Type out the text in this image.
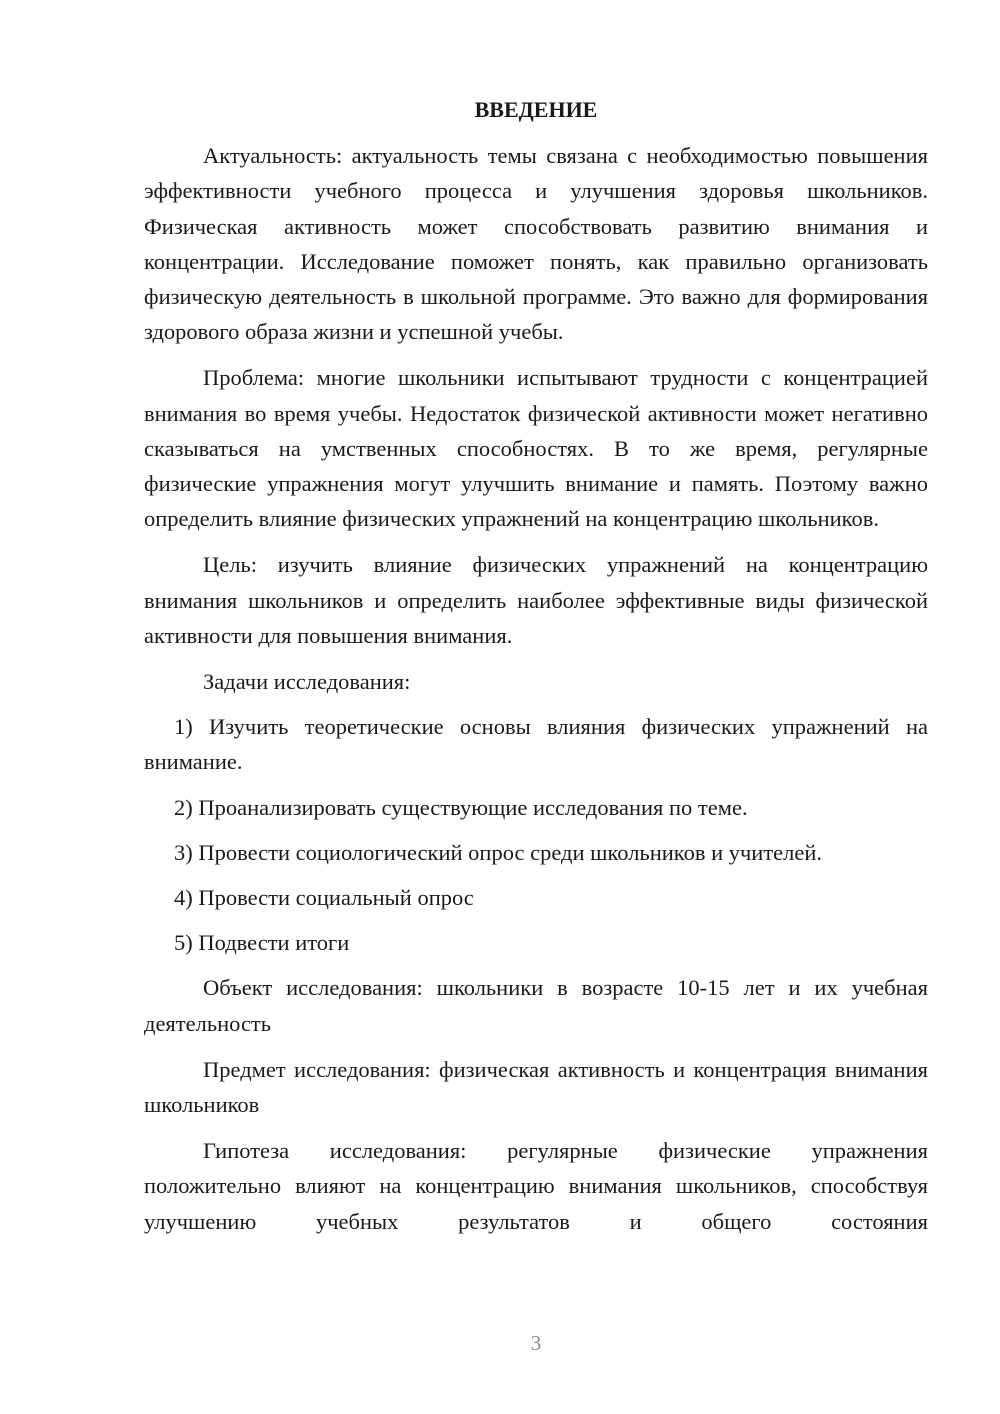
ВВЕДЕНИЕ
Актуальность: актуальность темы связана с необходимостью повышения эффективности учебного процесса и улучшения здоровья школьников. Физическая активность может способствовать развитию внимания и концентрации. Исследование поможет понять, как правильно организовать физическую деятельность в школьной программе. Это важно для формирования здорового образа жизни и успешной учебы.
Проблема: многие школьники испытывают трудности с концентрацией внимания во время учебы. Недостаток физической активности может негативно сказываться на умственных способностях. В то же время, регулярные физические упражнения могут улучшить внимание и память. Поэтому важно определить влияние физических упражнений на концентрацию школьников.
Цель: изучить влияние физических упражнений на концентрацию внимания школьников и определить наиболее эффективные виды физической активности для повышения внимания.
Задачи исследования:
1) Изучить теоретические основы влияния физических упражнений на внимание.
2) Проанализировать существующие исследования по теме.
3) Провести социологический опрос среди школьников и учителей.
4) Провести социальный опрос
5) Подвести итоги
Объект исследования: школьники в возрасте 10-15 лет и их учебная деятельность
Предмет исследования: физическая активность и концентрация внимания школьников
Гипотеза исследования: регулярные физические упражнения положительно влияют на концентрацию внимания школьников, способствуя улучшению учебных результатов и общего состояния
3
